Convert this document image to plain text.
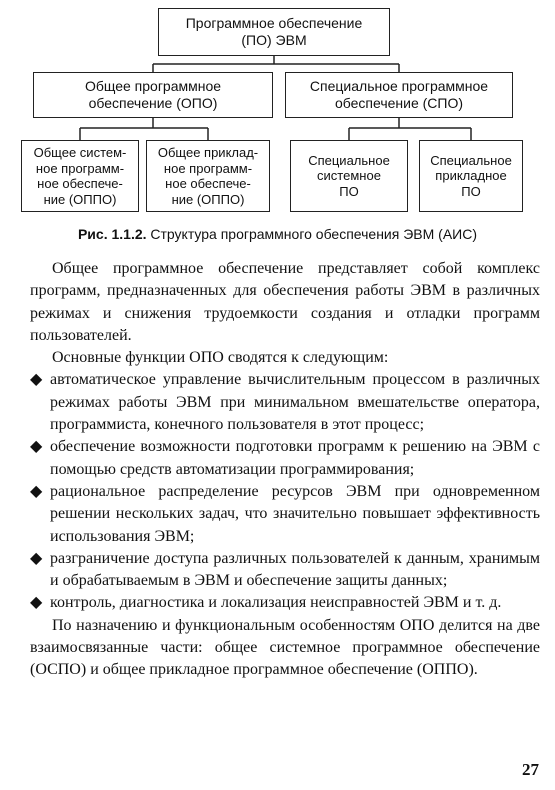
Программное обеспечение
(ПО) ЭВМ
Общее программное
обеспечение (ОПО)
Специальное программное
обеспечение (СПО)
Общее систем-
ное программ-
ное обеспече-
ние (ОППО)
Общее приклад-
ное программ-
ное обеспече-
ние (ОППО)
Специальное
системное
ПО
Специальное
прикладное
ПО
Рис. 1.1.2. Структура программного обеспечения ЭВМ (АИС)

Общее программное обеспечение представляет собой комплекс программ, предназначенных для обеспечения работы ЭВМ в различных режимах и снижения трудоемкости создания и отладки программ пользователей.

Основные функции ОПО сводятся к следующим:

◆ автоматическое управление вычислительным процессом в различных режимах работы ЭВМ при минимальном вмешательстве оператора, программиста, конечного пользователя в этот процесс;

◆ обеспечение возможности подготовки программ к решению на ЭВМ с помощью средств автоматизации программирования;

◆ рациональное распределение ресурсов ЭВМ при одновременном решении нескольких задач, что значительно повышает эффективность использования ЭВМ;

◆ разграничение доступа различных пользователей к данным, хранимым и обрабатываемым в ЭВМ и обеспечение защиты данных;

◆ контроль, диагностика и локализация неисправностей ЭВМ и т. д.

По назначению и функциональным особенностям ОПО делится на две взаимосвязанные части: общее системное программное обеспечение (ОСПО) и общее прикладное программное обеспечение (ОППО).

27
